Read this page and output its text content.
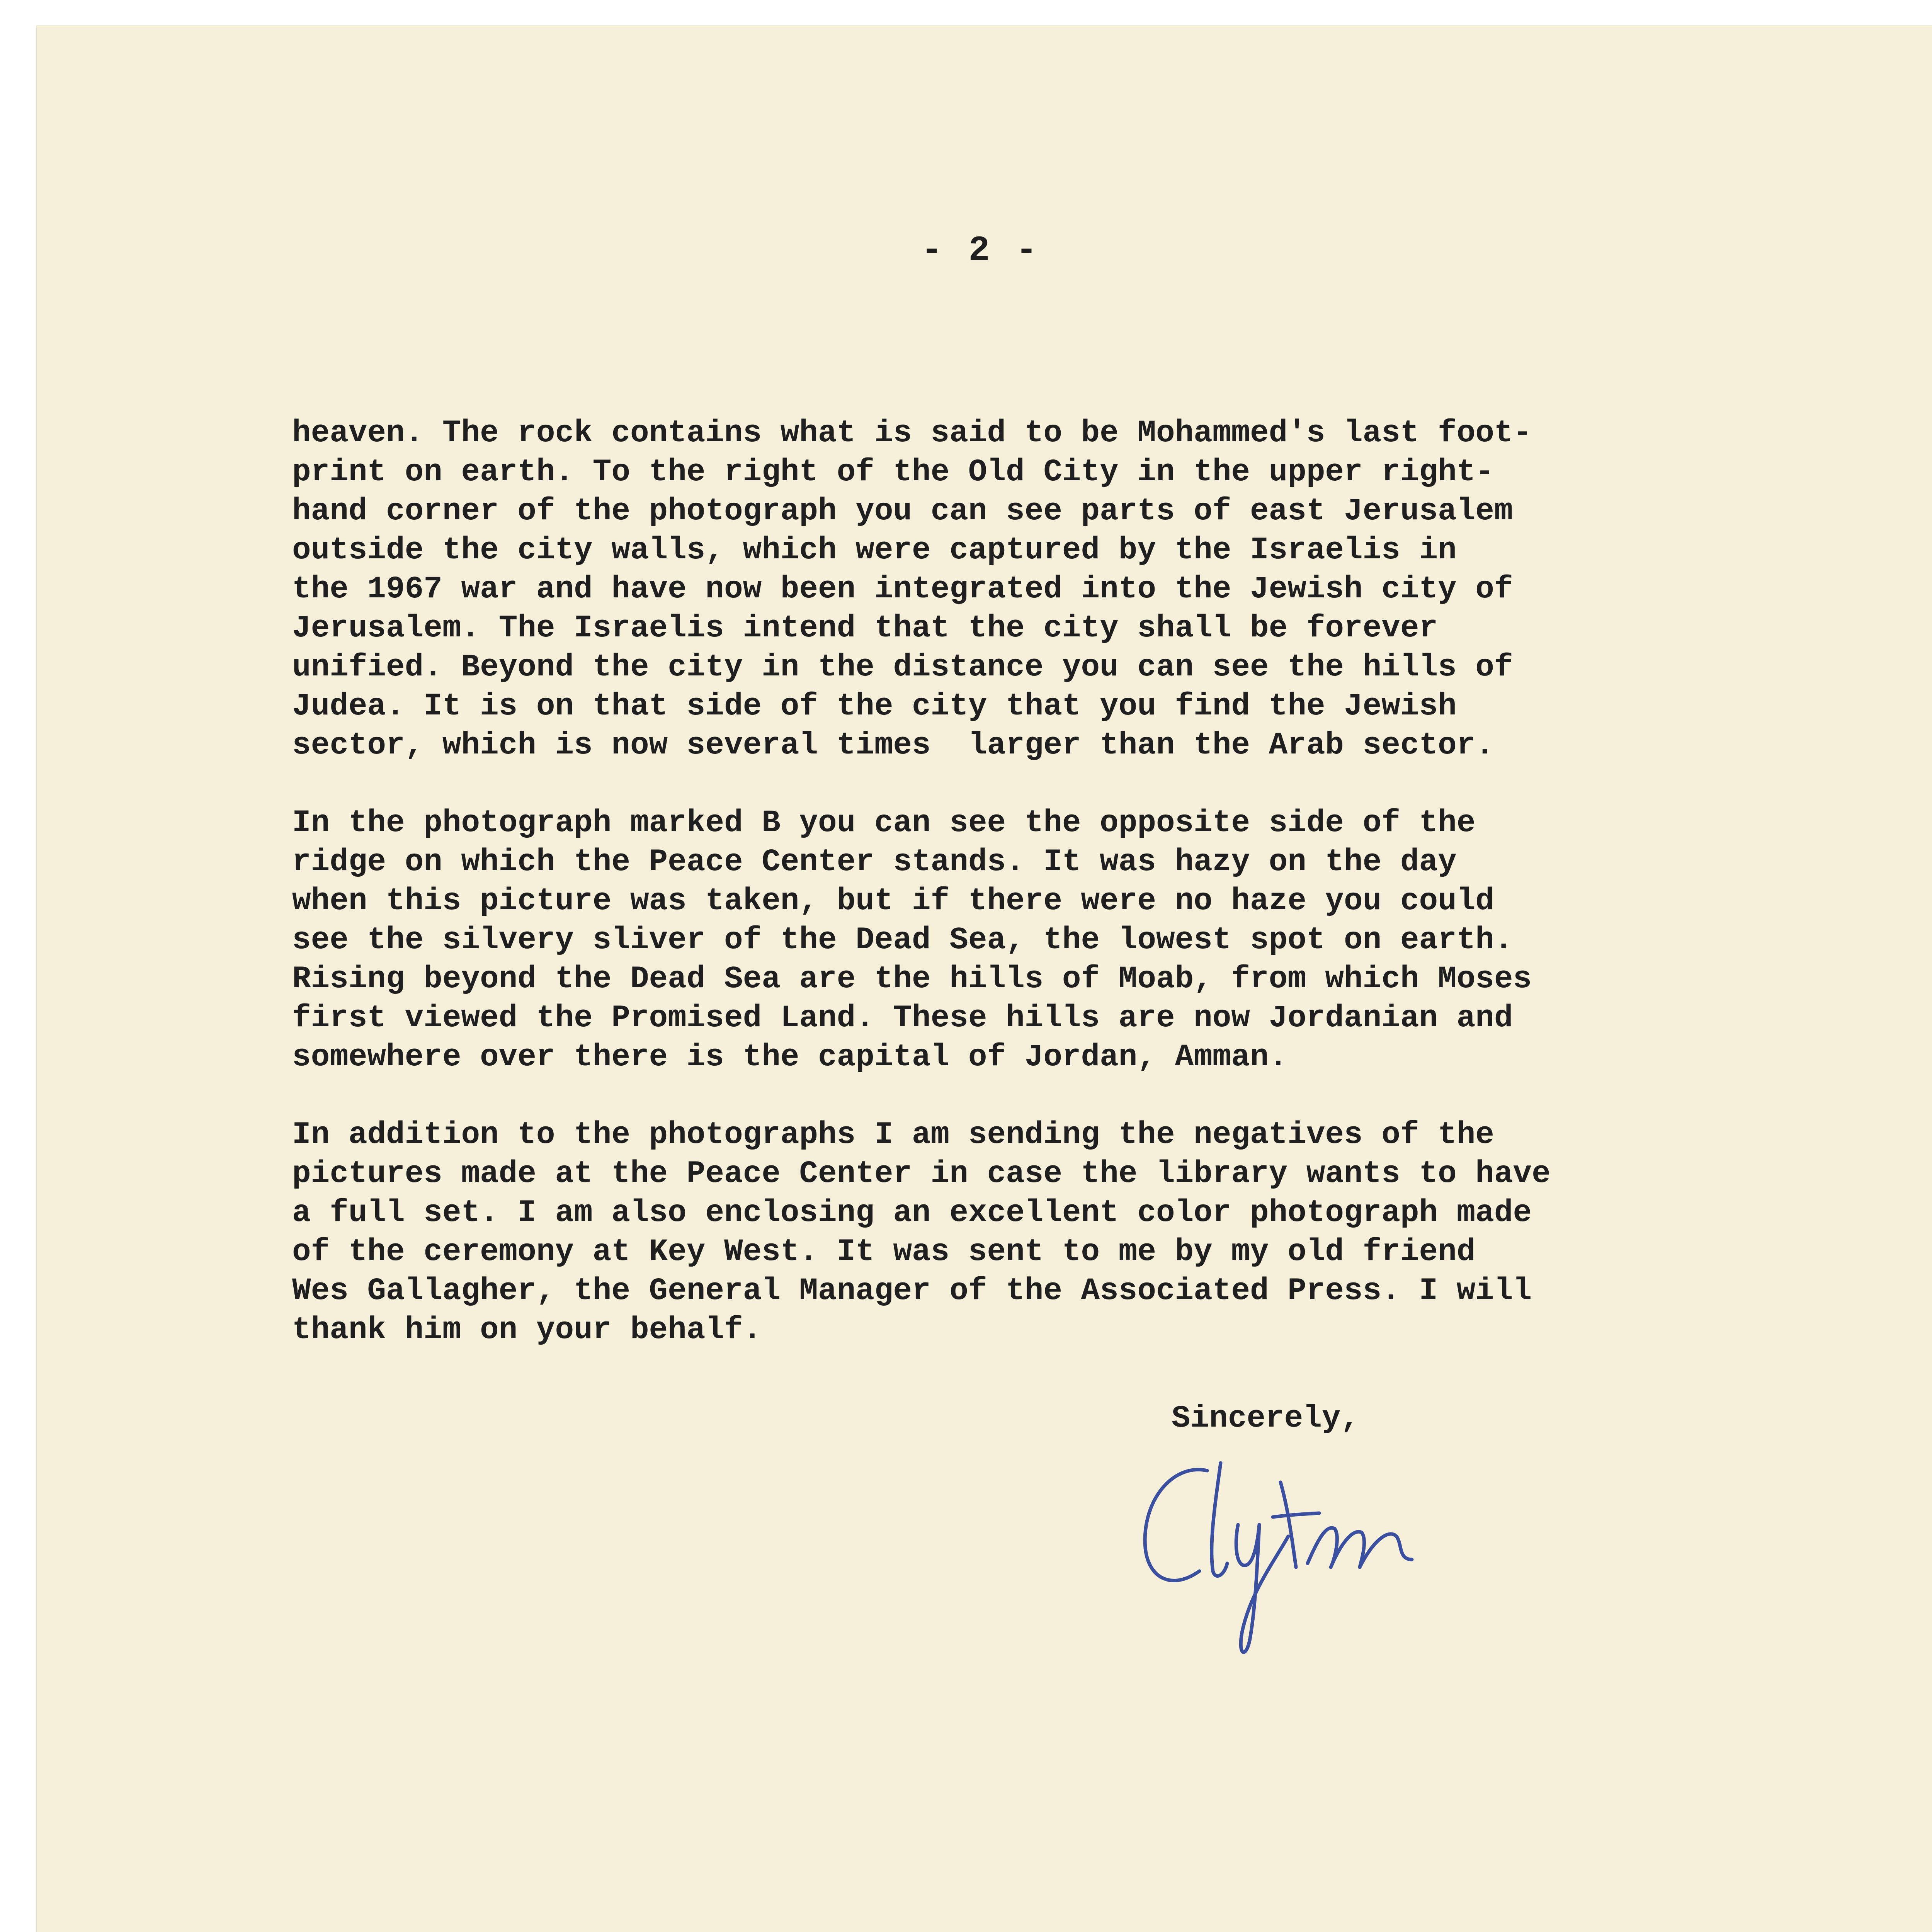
- 2 -
heaven. The rock contains what is said to be Mohammed's last foot-
print on earth. To the right of the Old City in the upper right-
hand corner of the photograph you can see parts of east Jerusalem
outside the city walls, which were captured by the Israelis in
the 1967 war and have now been integrated into the Jewish city of
Jerusalem. The Israelis intend that the city shall be forever
unified. Beyond the city in the distance you can see the hills of
Judea. It is on that side of the city that you find the Jewish
sector, which is now several times  larger than the Arab sector.
In the photograph marked B you can see the opposite side of the
ridge on which the Peace Center stands. It was hazy on the day
when this picture was taken, but if there were no haze you could
see the silvery sliver of the Dead Sea, the lowest spot on earth.
Rising beyond the Dead Sea are the hills of Moab, from which Moses
first viewed the Promised Land. These hills are now Jordanian and
somewhere over there is the capital of Jordan, Amman.
In addition to the photographs I am sending the negatives of the
pictures made at the Peace Center in case the library wants to have
a full set. I am also enclosing an excellent color photograph made
of the ceremony at Key West. It was sent to me by my old friend
Wes Gallagher, the General Manager of the Associated Press. I will
thank him on your behalf.
Sincerely,
